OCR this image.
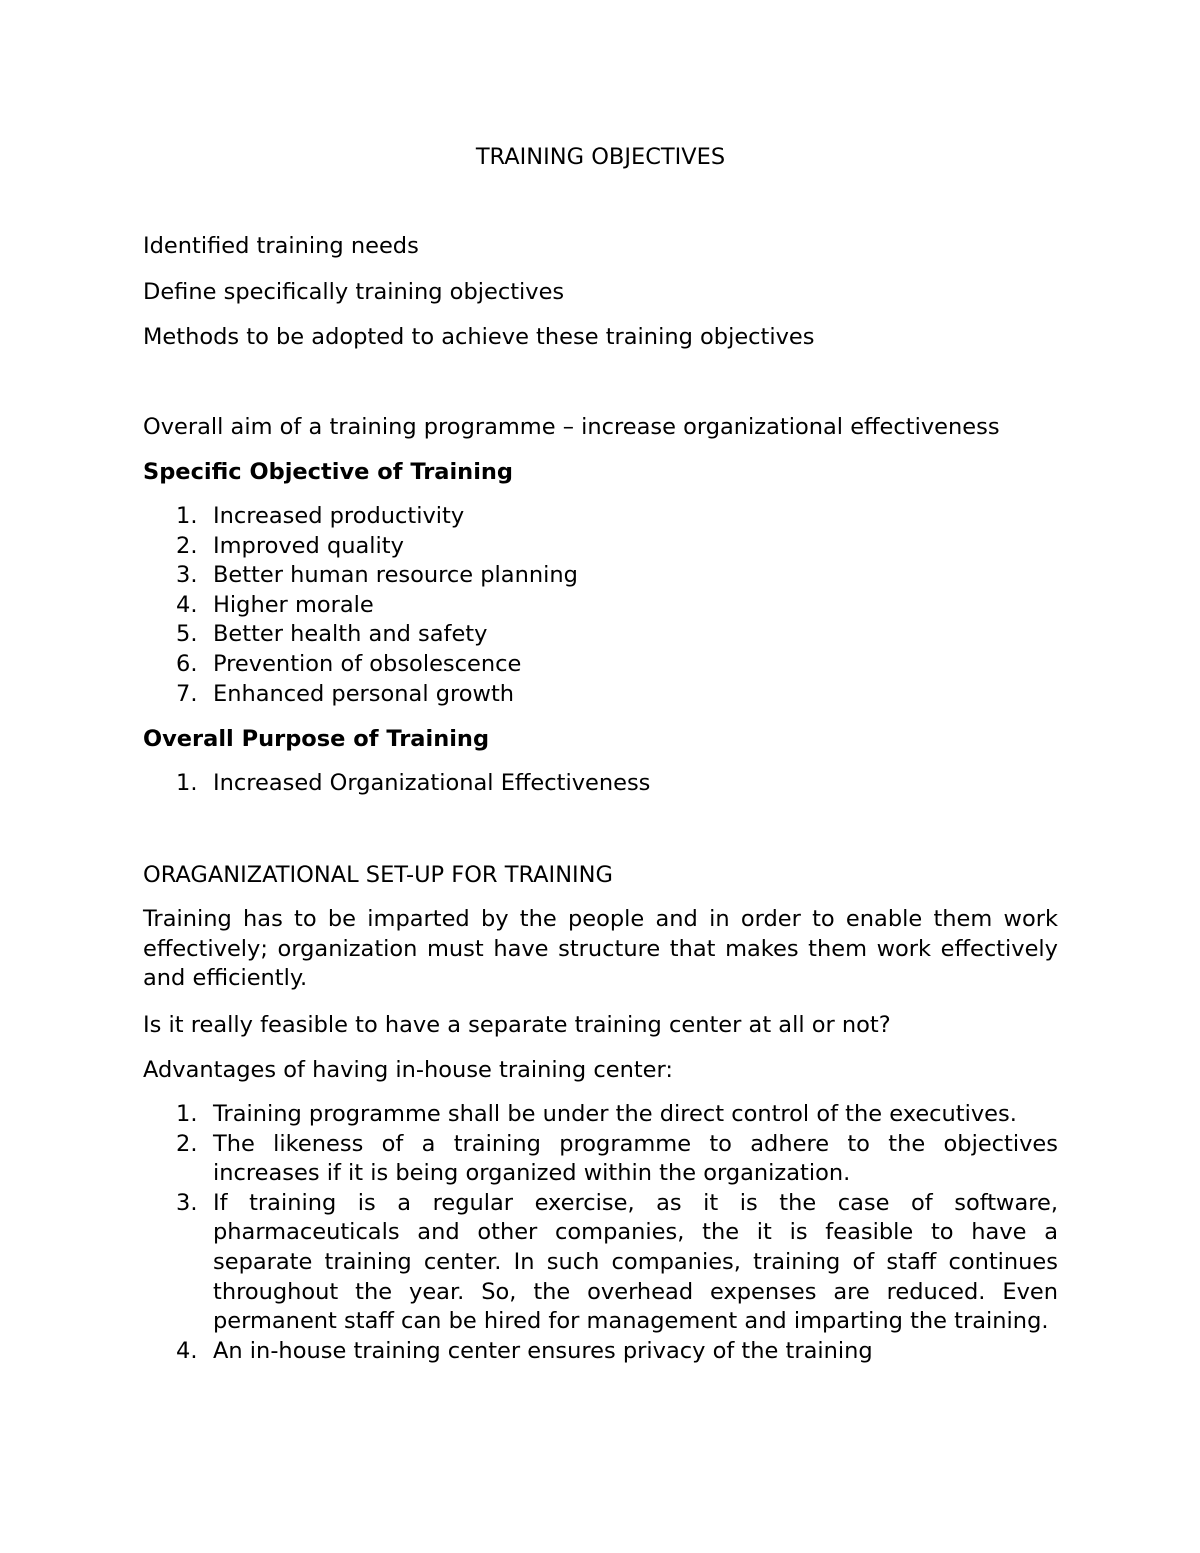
TRAINING OBJECTIVES

Identified training needs

Define specifically training objectives

Methods to be adopted to achieve these training objectives

Overall aim of a training programme – increase organizational effectiveness

Specific Objective of Training

1. Increased productivity
2. Improved quality
3. Better human resource planning
4. Higher morale
5. Better health and safety
6. Prevention of obsolescence
7. Enhanced personal growth

Overall Purpose of Training

1. Increased Organizational Effectiveness

ORAGANIZATIONAL SET-UP FOR TRAINING

Training has to be imparted by the people and in order to enable them work effectively; organization must have structure that makes them work effectively and efficiently.

Is it really feasible to have a separate training center at all or not?

Advantages of having in-house training center:

1. Training programme shall be under the direct control of the executives.
2. The likeness of a training programme to adhere to the objectives increases if it is being organized within the organization.
3. If training is a regular exercise, as it is the case of software, pharmaceuticals and other companies, the it is feasible to have a separate training center. In such companies, training of staff continues throughout the year. So, the overhead expenses are reduced. Even permanent staff can be hired for management and imparting the training.
4. An in-house training center ensures privacy of the training
